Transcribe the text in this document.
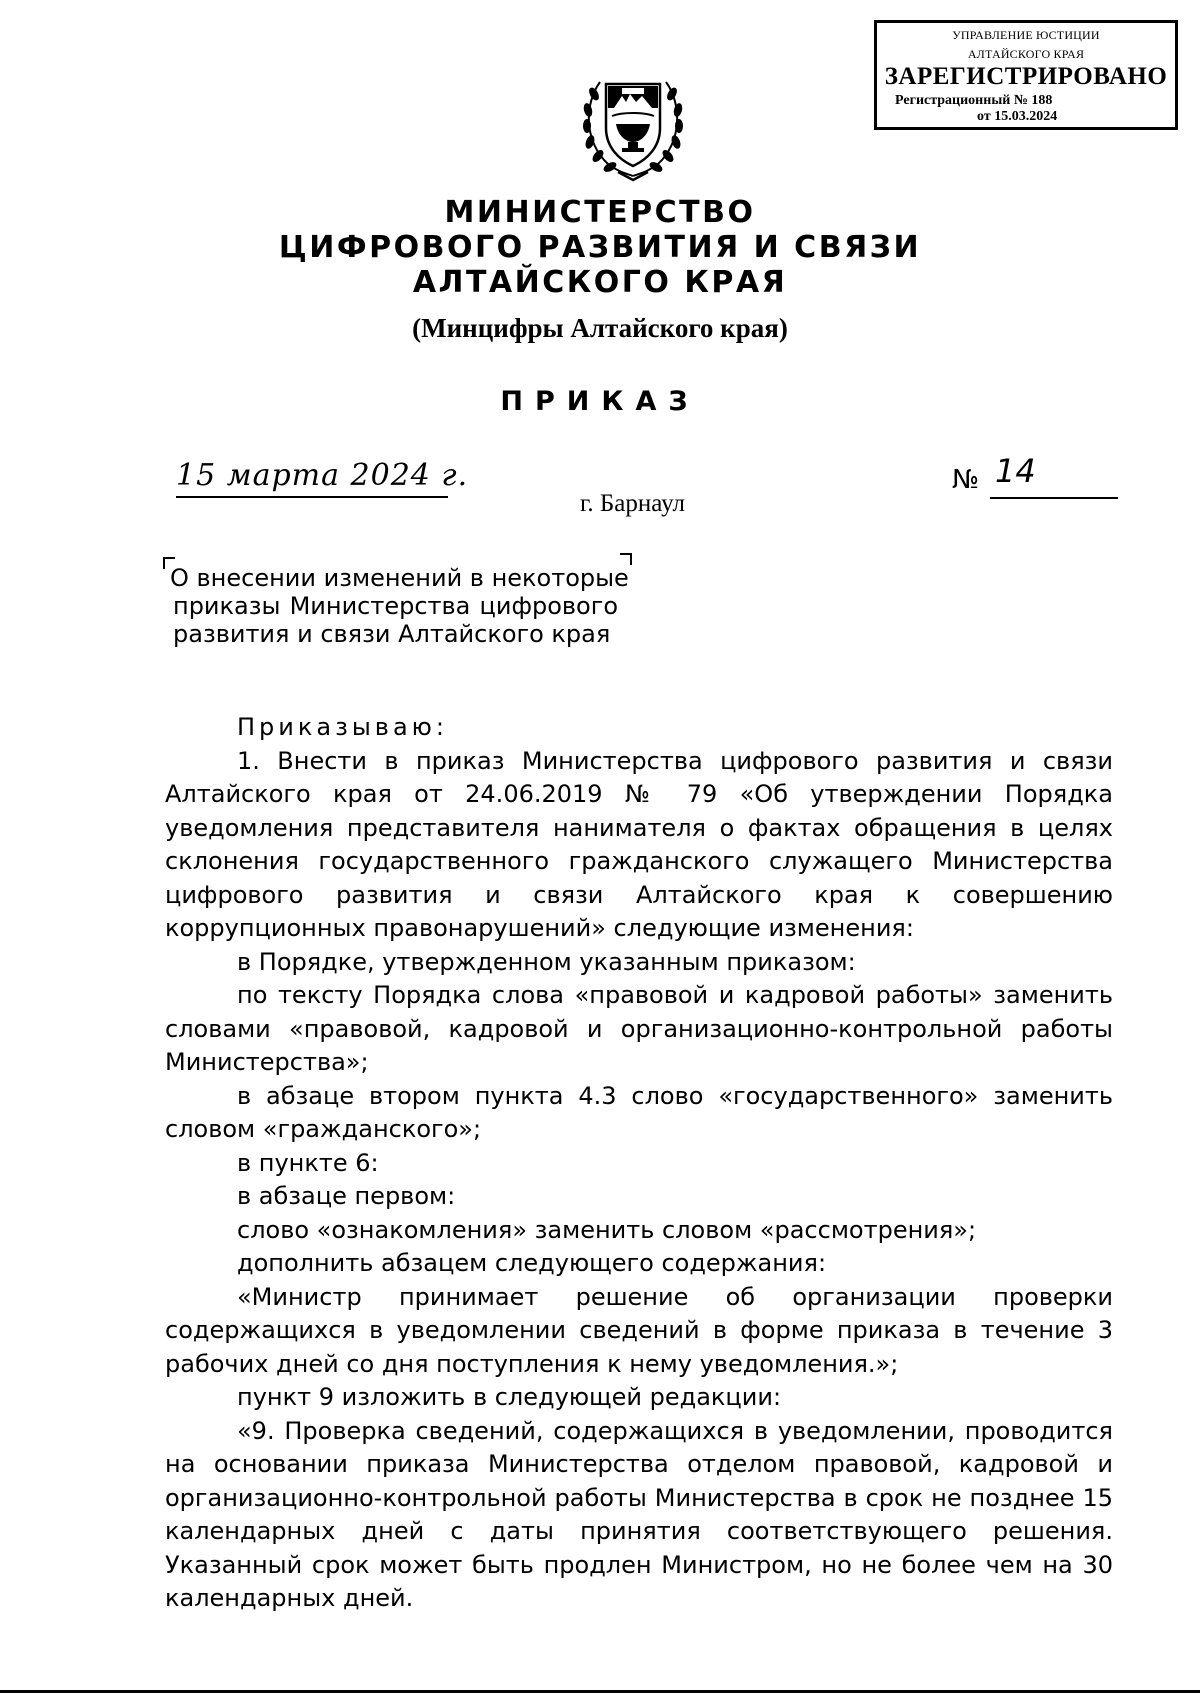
УПРАВЛЕНИЕ ЮСТИЦИИ
АЛТАЙСКОГО КРАЯ
ЗАРЕГИСТРИРОВАНО
Регистрационный № 188
от 15.03.2024
МИНИСТЕРСТВО
ЦИФРОВОГО РАЗВИТИЯ И СВЯЗИ
АЛТАЙСКОГО КРАЯ
(Минцифры Алтайского края)
ПРИКАЗ
15 марта 2024 г.	№ 14
г. Барнаул
О внесении изменений в некоторые
приказы Министерства цифрового
развития и связи Алтайского края

Приказываю:

1. Внести в приказ Министерства цифрового развития и связи Алтайского края от 24.06.2019 № 79 «Об утверждении Порядка уведомления представителя нанимателя о фактах обращения в целях склонения государственного гражданского служащего Министерства цифрового развития и связи Алтайского края к совершению коррупционных правонарушений» следующие изменения:

в Порядке, утвержденном указанным приказом:

по тексту Порядка слова «правовой и кадровой работы» заменить словами «правовой, кадровой и организационно-контрольной работы Министерства»;

в абзаце втором пункта 4.3 слово «государственного» заменить словом «гражданского»;

в пункте 6:

в абзаце первом:

слово «ознакомления» заменить словом «рассмотрения»;

дополнить абзацем следующего содержания:

«Министр принимает решение об организации проверки содержащихся в уведомлении сведений в форме приказа в течение 3 рабочих дней со дня поступления к нему уведомления.»;

пункт 9 изложить в следующей редакции:

«9. Проверка сведений, содержащихся в уведомлении, проводится на основании приказа Министерства отделом правовой, кадровой и организационно-контрольной работы Министерства в срок не позднее 15 календарных дней с даты принятия соответствующего решения. Указанный срок может быть продлен Министром, но не более чем на 30 календарных дней.
